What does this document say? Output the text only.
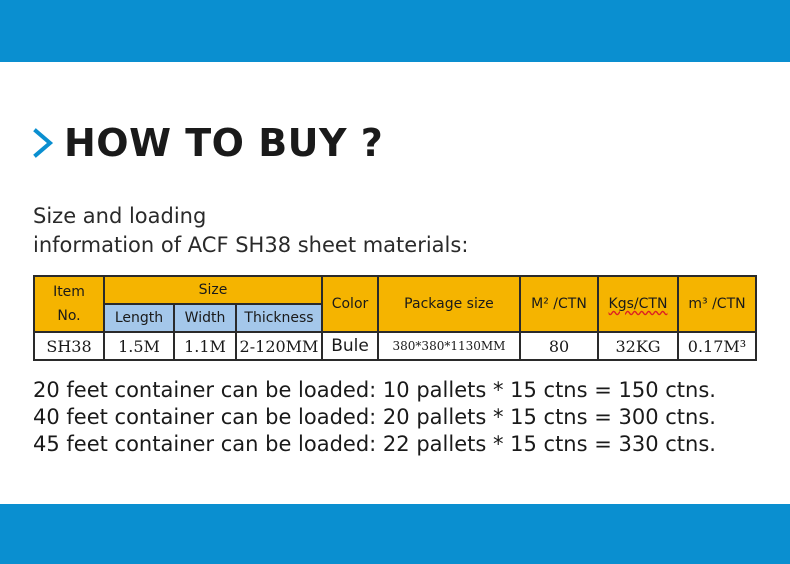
HOW TO BUY ?
Size and loading
information of ACF SH38 sheet materials:
Item
No.	Size			Color	Package size	M² /CTN	Kgs/CTN	m³ /CTN
	Length	Width	Thickness					
SH38	1.5M	1.1M	2-120MM	Bule	380*380*1130MM	80	32KG	0.17M³
20 feet container can be loaded: 10 pallets * 15 ctns = 150 ctns.
40 feet container can be loaded: 20 pallets * 15 ctns = 300 ctns.
45 feet container can be loaded: 22 pallets * 15 ctns = 330 ctns.
